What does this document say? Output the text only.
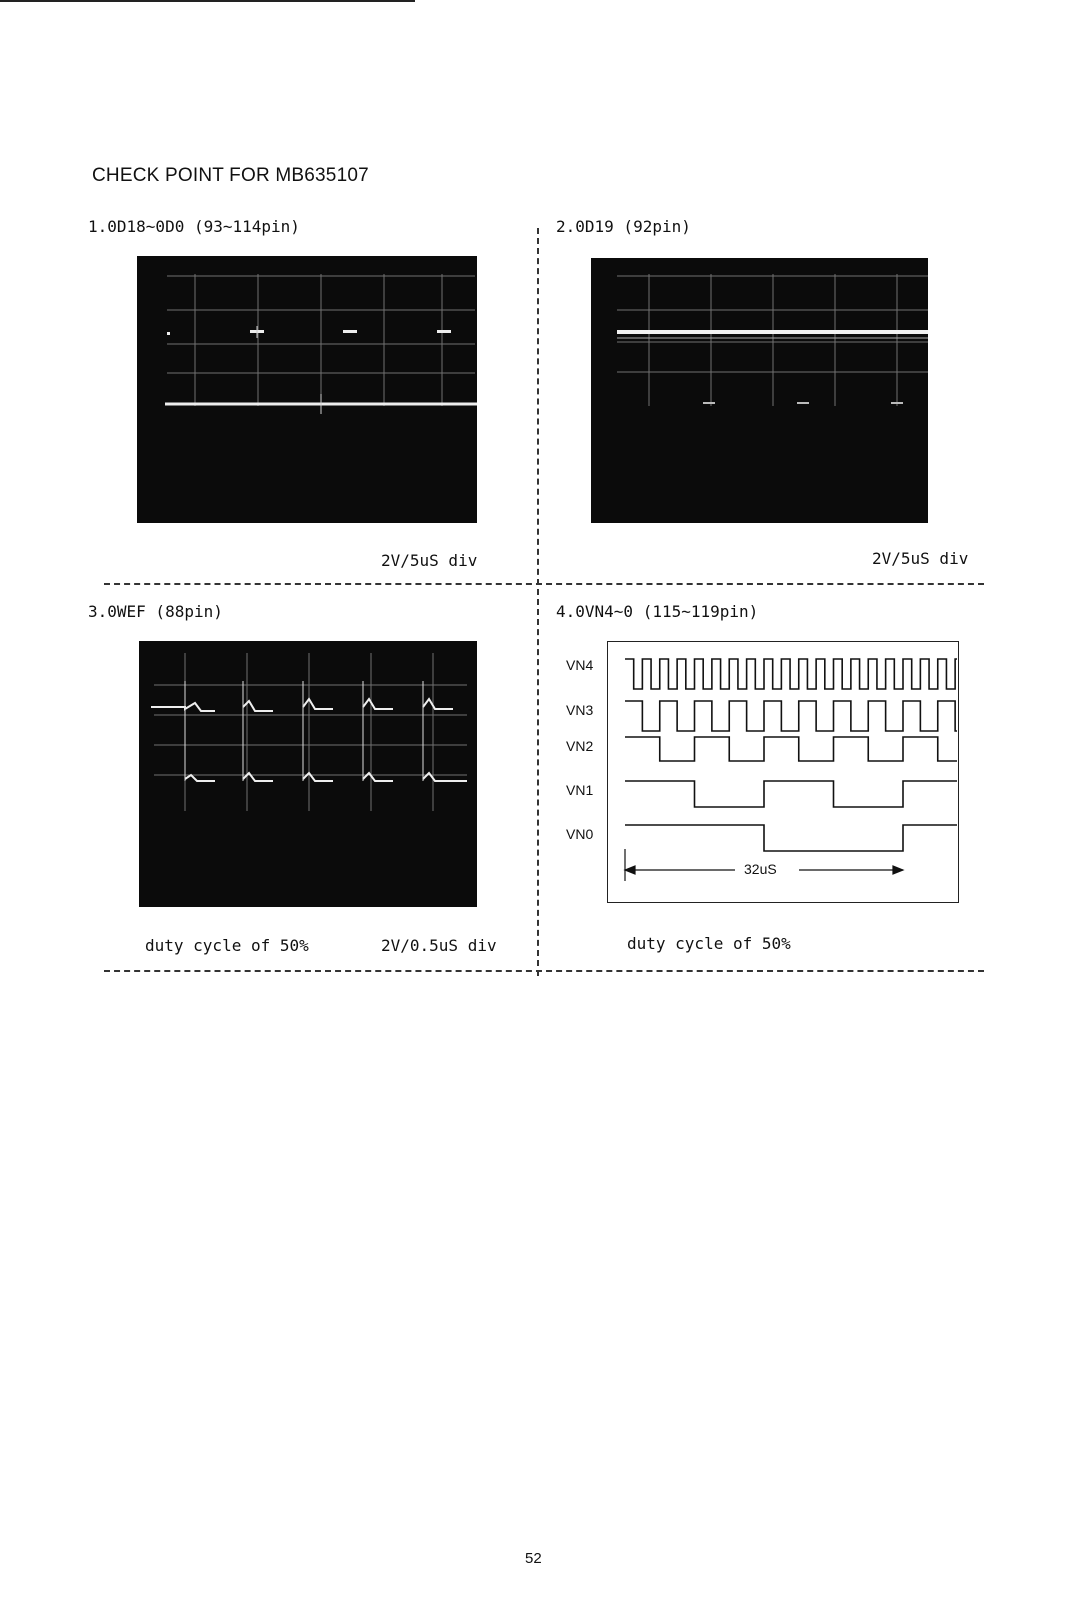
CHECK POINT FOR MB635107
1.0D18~0D0 (93~114pin)	2.0D19 (92pin)
2V/5uS div	2V/5uS div
3.0WEF (88pin)	4.0VN4~0 (115~119pin)
duty cycle of 50%	2V/0.5uS div	duty cycle of 50%
VN4
VN3
VN2
VN1
VN0
32uS
52
